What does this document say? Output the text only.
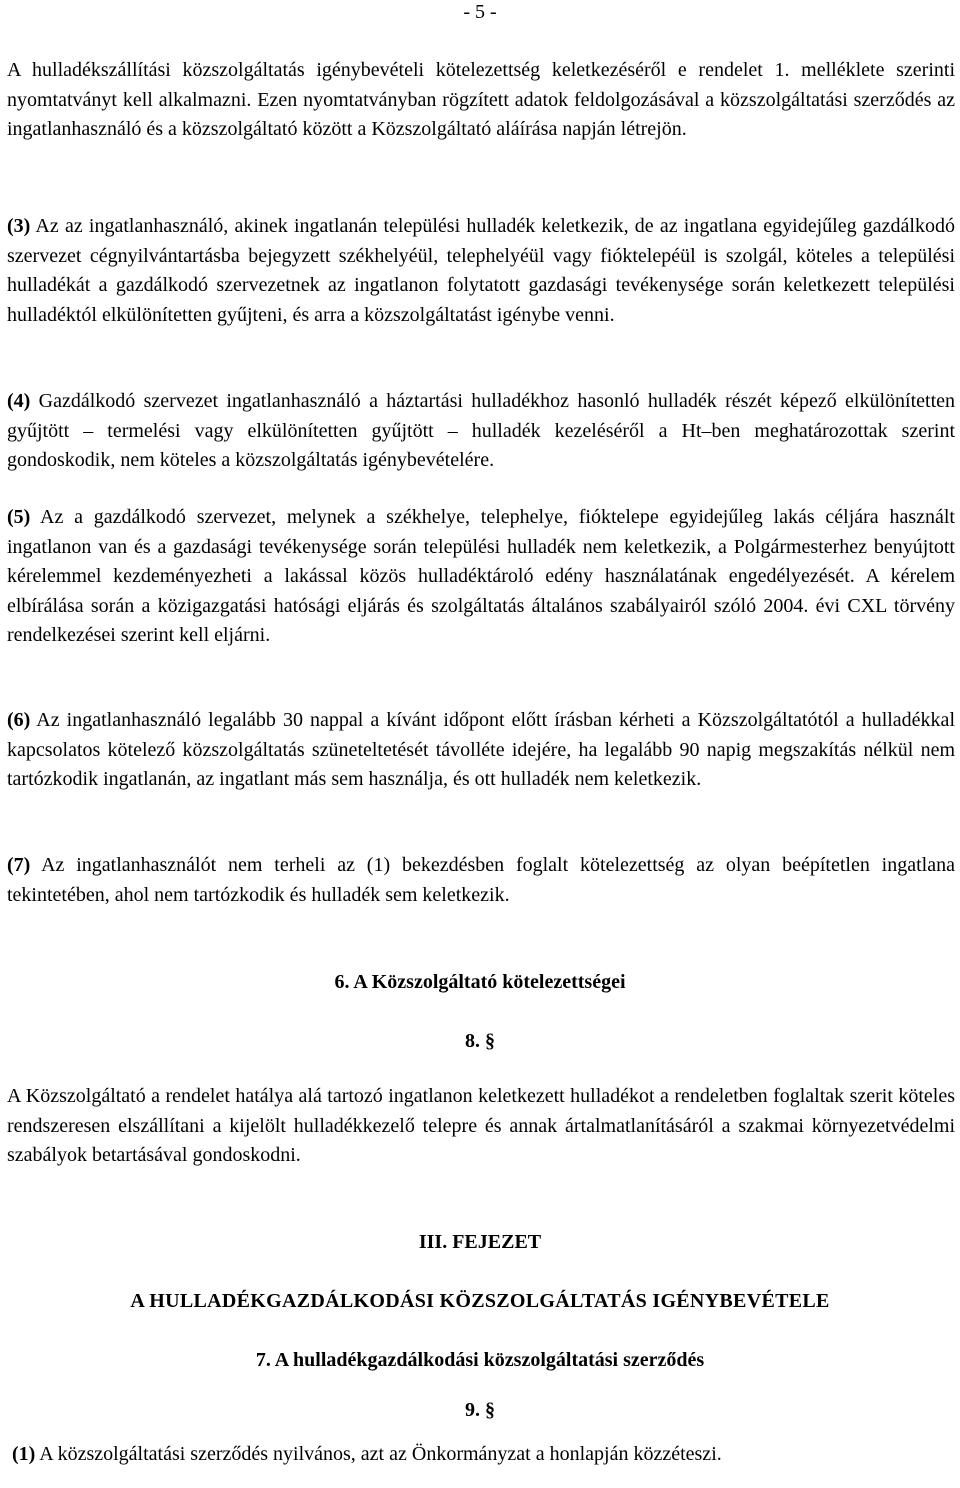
- 5 -

A hulladékszállítási közszolgáltatás igénybevételi kötelezettség keletkezéséről e rendelet 1. melléklete szerinti nyomtatványt kell alkalmazni. Ezen nyomtatványban rögzített adatok feldolgozásával a közszolgáltatási szerződés az ingatlanhasználó és a közszolgáltató között a Közszolgáltató aláírása napján létrejön.

(3) Az az ingatlanhasználó, akinek ingatlanán települési hulladék keletkezik, de az ingatlana egyidejűleg gazdálkodó szervezet cégnyilvántartásba bejegyzett székhelyéül, telephelyéül vagy fióktelepéül is szolgál, köteles a települési hulladékát a gazdálkodó szervezetnek az ingatlanon folytatott gazdasági tevékenysége során keletkezett települési hulladéktól elkülönítetten gyűjteni, és arra a közszolgáltatást igénybe venni.

(4) Gazdálkodó szervezet ingatlanhasználó a háztartási hulladékhoz hasonló hulladék részét képező elkülönítetten gyűjtött – termelési vagy elkülönítetten gyűjtött – hulladék kezeléséről a Ht–ben meghatározottak szerint gondoskodik, nem köteles a közszolgáltatás igénybevételére.

(5) Az a gazdálkodó szervezet, melynek a székhelye, telephelye, fióktelepe egyidejűleg lakás céljára használt ingatlanon van és a gazdasági tevékenysége során települési hulladék nem keletkezik, a Polgármesterhez benyújtott kérelemmel kezdeményezheti a lakással közös hulladéktároló edény használatának engedélyezését. A kérelem elbírálása során a közigazgatási hatósági eljárás és szolgáltatás általános szabályairól szóló 2004. évi CXL törvény rendelkezései szerint kell eljárni.

(6) Az ingatlanhasználó legalább 30 nappal a kívánt időpont előtt írásban kérheti a Közszolgáltatótól a hulladékkal kapcsolatos kötelező közszolgáltatás szüneteltetését távolléte idejére, ha legalább 90 napig megszakítás nélkül nem tartózkodik ingatlanán, az ingatlant más sem használja, és ott hulladék nem keletkezik.

(7) Az ingatlanhasználót nem terheli az (1) bekezdésben foglalt kötelezettség az olyan beépítetlen ingatlana tekintetében, ahol nem tartózkodik és hulladék sem keletkezik.

6. A Közszolgáltató kötelezettségei

8. §

A Közszolgáltató a rendelet hatálya alá tartozó ingatlanon keletkezett hulladékot a rendeletben foglaltak szerit köteles rendszeresen elszállítani a kijelölt hulladékkezelő telepre és annak ártalmatlanításáról a szakmai környezetvédelmi szabályok betartásával gondoskodni.

III. FEJEZET

A HULLADÉKGAZDÁLKODÁSI KÖZSZOLGÁLTATÁS IGÉNYBEVÉTELE

7. A hulladékgazdálkodási közszolgáltatási szerződés

9. §

(1) A közszolgáltatási szerződés nyilvános, azt az Önkormányzat a honlapján közzéteszi.
